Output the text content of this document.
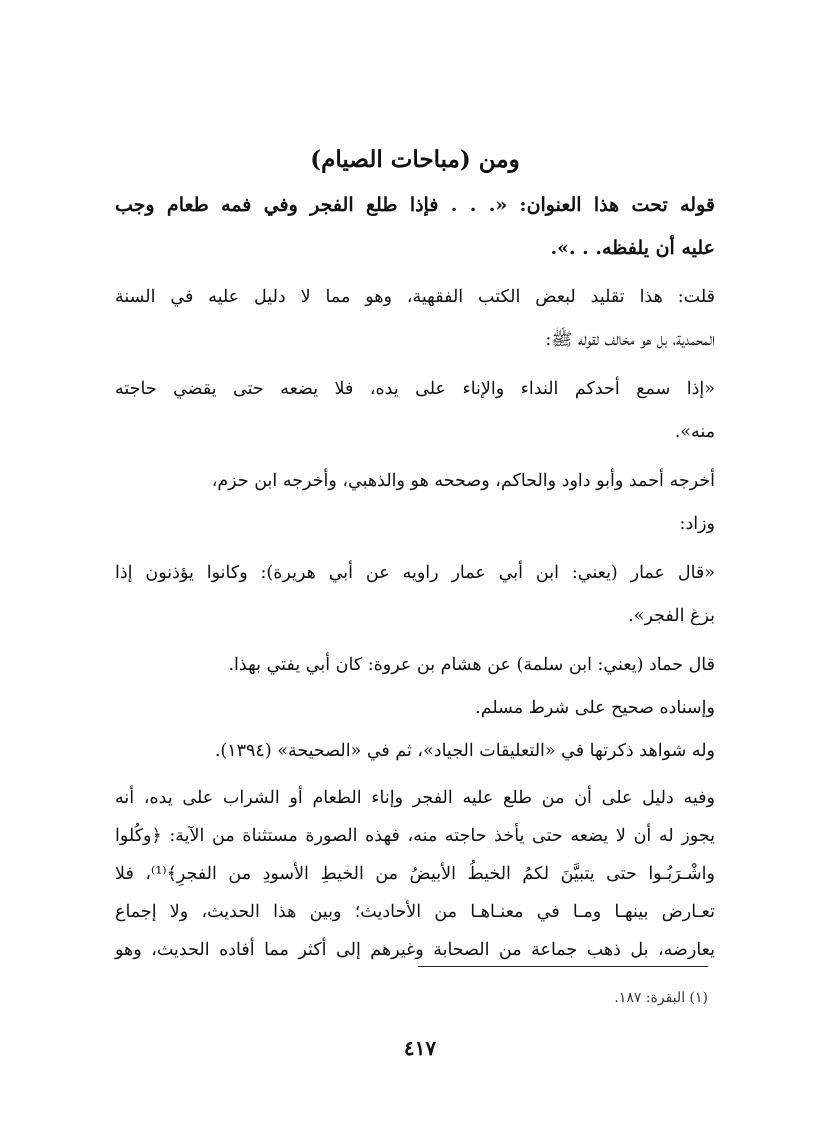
ومن (مباحات الصيام)
قوله تحت هذا العنوان: «. . . فإذا طلع الفجر وفي فمه طعام وجب
عليه أن يلفظه. . .».
قلت: هذا تقليد لبعض الكتب الفقهية، وهو مما لا دليل عليه في السنة
المحمدية، بل هو مخالف لقوله ﷺ:
«إذا سمع أحدكم النداء والإناء على يده، فلا يضعه حتى يقضي حاجته
منه».
أخرجه أحمد وأبو داود والحاكم، وصححه هو والذهبي، وأخرجه ابن حزم،
وزاد:
«قال عمار (يعني: ابن أبي عمار راويه عن أبي هريرة): وكانوا يؤذنون إذا
بزغ الفجر».
قال حماد (يعني: ابن سلمة) عن هشام بن عروة: كان أبي يفتي بهذا.
وإسناده صحيح على شرط مسلم.
وله شواهد ذكرتها في «التعليقات الجياد»، ثم في «الصحيحة» (١٣٩٤).
وفيه دليل على أن من طلع عليه الفجر وإناء الطعام أو الشراب على يده، أنه
يجوز له أن لا يضعه حتى يأخذ حاجته منه، فهذه الصورة مستثناة من الآية: ﴿وكُلوا
واشْـرَبُـوا حتى يتبيَّنَ لكمُ الخيطُ الأبيضُ من الخيطِ الأسودِ من الفجرِ﴾⁽¹⁾، فلا
تعـارض بينهـا ومـا في معنـاهـا من الأحاديث؛ وبين هذا الحديث، ولا إجماع
يعارضه، بل ذهب جماعة من الصحابة وغيرهم إلى أكثر مما أفاده الحديث، وهو
(١) البقرة: ١٨٧.
٤١٧
